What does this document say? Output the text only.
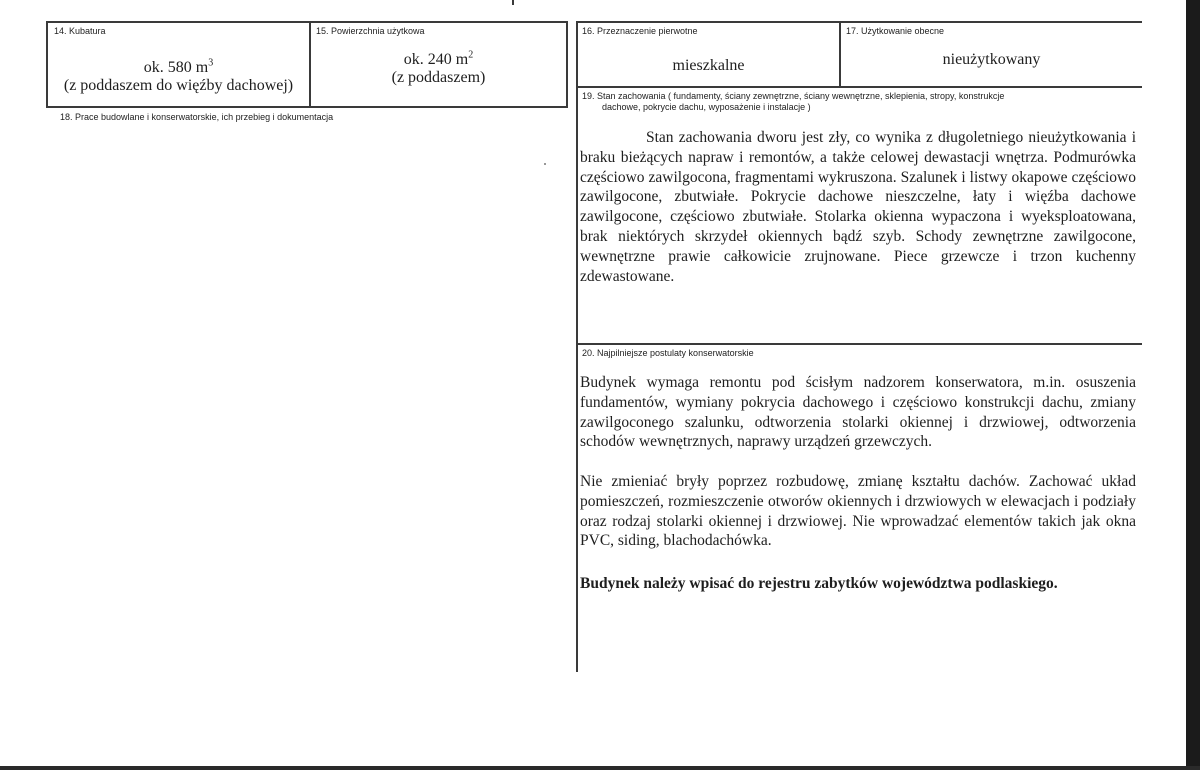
14. Kubatura
ok. 580 $m^3$
(z poddaszem do więźby dachowej)
15. Powierzchnia użytkowa
ok. 240 $m^2$
(z poddaszem)
16. Przeznaczenie pierwotne
mieszkalne
17. Użytkowanie obecne
nieużytkowany
18. Prace budowlane i konserwatorskie, ich przebieg i dokumentacja
19. Stan zachowania ( fundamenty, ściany zewnętrzne, ściany wewnętrzne, sklepienia, stropy, konstrukcje
dachowe, pokrycie dachu, wyposażenie i instalacje )

Stan zachowania dworu jest zły, co wynika z długoletniego nieużytkowania i braku bieżących napraw i remontów, a także celowej dewastacji wnętrza. Podmurówka częściowo zawilgocona, fragmentami wykruszona. Szalunek i listwy okapowe częściowo zawilgocone, zbutwiałe. Pokrycie dachowe nieszczelne, łaty i więźba dachowe zawilgocone, częściowo zbutwiałe. Stolarka okienna wypaczona i wyeksploatowana, brak niektórych skrzydeł okiennych bądź szyb. Schody zewnętrzne zawilgocone, wewnętrzne prawie całkowicie zrujnowane. Piece grzewcze i trzon kuchenny zdewastowane.

20. Najpilniejsze postulaty konserwatorskie

Budynek wymaga remontu pod ścisłym nadzorem konserwatora, m.in. osuszenia fundamentów, wymiany pokrycia dachowego i częściowo konstrukcji dachu, zmiany zawilgoconego szalunku, odtworzenia stolarki okiennej i drzwiowej, odtworzenia schodów wewnętrznych, naprawy urządzeń grzewczych.

Nie zmieniać bryły poprzez rozbudowę, zmianę kształtu dachów. Zachować układ pomieszczeń, rozmieszczenie otworów okiennych i drzwiowych w elewacjach i podziały oraz rodzaj stolarki okiennej i drzwiowej. Nie wprowadzać elementów takich jak okna PVC, siding, blachodachówka.

Budynek należy wpisać do rejestru zabytków województwa podlaskiego.
